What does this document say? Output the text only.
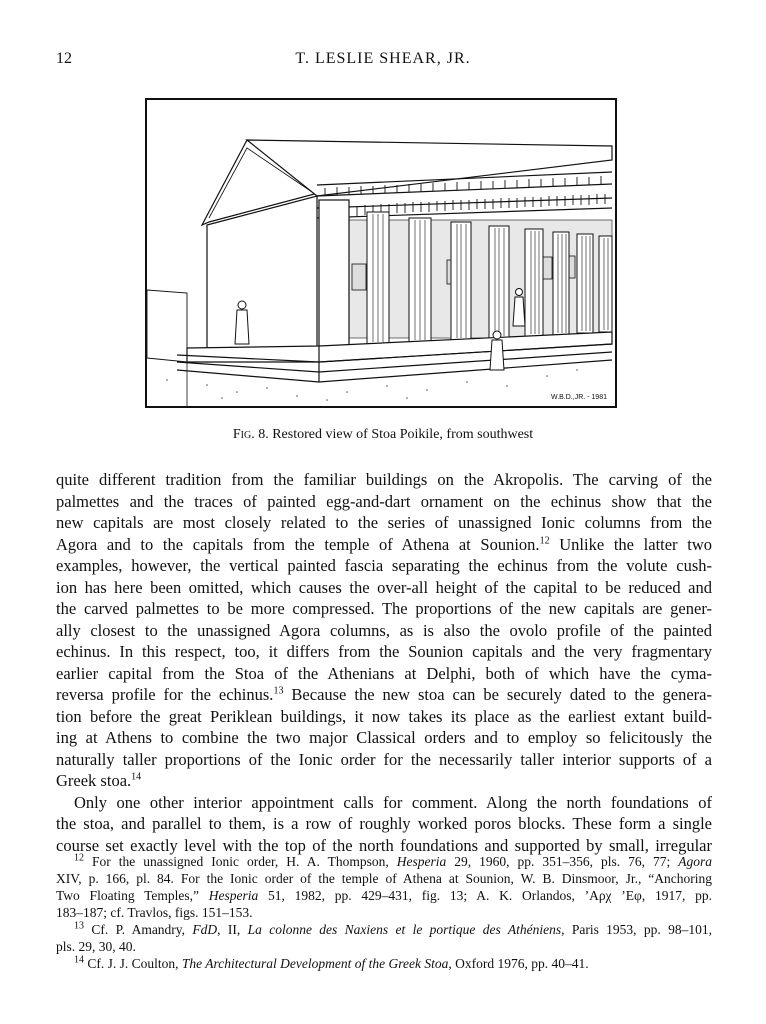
12	T. LESLIE SHEAR, JR.
W.B.D.,JR. - 1981
Fig. 8. Restored view of Stoa Poikile, from southwest

quite different tradition from the familiar buildings on the Akropolis. The carving of the

palmettes and the traces of painted egg-and-dart ornament on the echinus show that the

new capitals are most closely related to the series of unassigned Ionic columns from the

Agora and to the capitals from the temple of Athena at Sounion.$^{12}$ Unlike the latter two

examples, however, the vertical painted fascia separating the echinus from the volute cush-

ion has here been omitted, which causes the over-all height of the capital to be reduced and

the carved palmettes to be more compressed. The proportions of the new capitals are gener-

ally closest to the unassigned Agora columns, as is also the ovolo profile of the painted

echinus. In this respect, too, it differs from the Sounion capitals and the very fragmentary

earlier capital from the Stoa of the Athenians at Delphi, both of which have the cyma-

reversa profile for the echinus.$^{13}$ Because the new stoa can be securely dated to the genera-

tion before the great Periklean buildings, it now takes its place as the earliest extant build-

ing at Athens to combine the two major Classical orders and to employ so felicitously the

naturally taller proportions of the Ionic order for the necessarily taller interior supports of a

Greek stoa.$^{14}$

Only one other interior appointment calls for comment. Along the north foundations of

the stoa, and parallel to them, is a row of roughly worked poros blocks. These form a single

course set exactly level with the top of the north foundations and supported by small, irregular

$^{12}$ For the unassigned Ionic order, H. A. Thompson, Hesperia 29, 1960, pp. 351–356, pls. 76, 77; Agora

XIV, p. 166, pl. 84. For the Ionic order of the temple of Athena at Sounion, W. B. Dinsmoor, Jr., “Anchoring

Two Floating Temples,” Hesperia 51, 1982, pp. 429–431, fig. 13; A. K. Orlandos, ’Αρχ ’Εφ, 1917, pp.

183–187; cf. Travlos, figs. 151–153.

$^{13}$ Cf. P. Amandry, FdD, II, La colonne des Naxiens et le portique des Athéniens, Paris 1953, pp. 98–101,

pls. 29, 30, 40.

$^{14}$ Cf. J. J. Coulton, The Architectural Development of the Greek Stoa, Oxford 1976, pp. 40–41.
